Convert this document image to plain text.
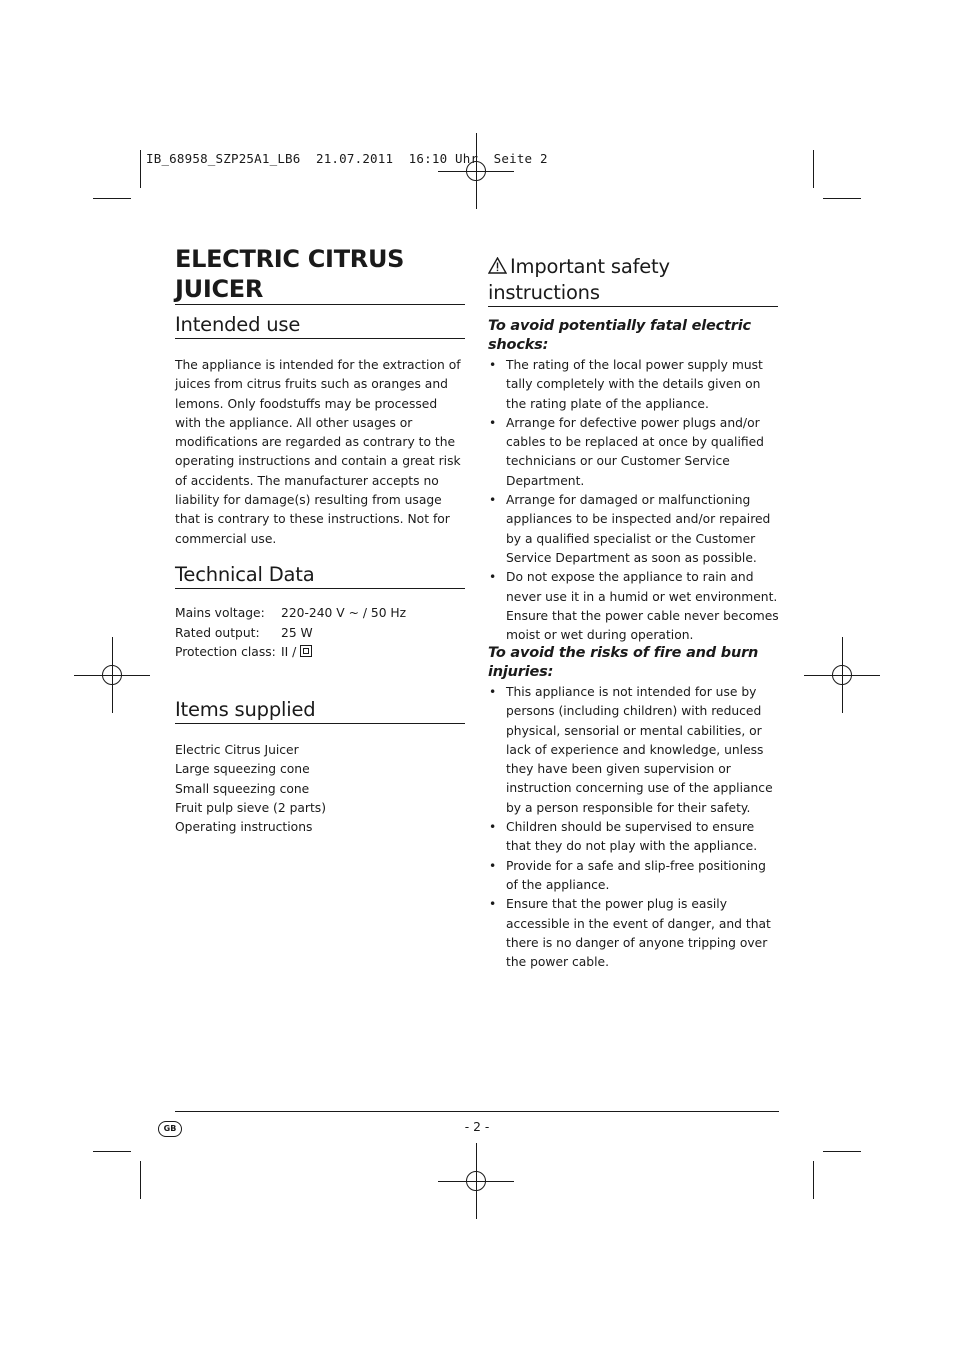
IB_68958_SZP25A1_LB6  21.07.2011  16:10 Uhr  Seite 2
ELECTRIC CITRUS JUICER
Intended use

The appliance is intended for the extraction of juices from citrus fruits such as oranges and lemons. Only foodstuffs may be processed with the appliance. All other usages or modifications are regarded as contrary to the operating instructions and contain a great risk of accidents. The manufacturer accepts no liability for damage(s) resulting from usage that is contrary to these instructions. Not for commercial use.

Technical Data
Mains voltage:	220-240 V ~ / 50 Hz
Rated output:	25 W
Protection class:	II /
Items supplied
Electric Citrus Juicer
Large squeezing cone
Small squeezing cone
Fruit pulp sieve (2 parts)
Operating instructions
Important safety instructions
To avoid potentially fatal electric shocks:
• The rating of the local power supply must tally completely with the details given on the rating plate of the appliance.
• Arrange for defective power plugs and/or cables to be replaced at once by qualified technicians or our Customer Service Department.
• Arrange for damaged or malfunctioning appliances to be inspected and/or repaired by a qualified specialist or the Customer Service Department as soon as possible.
• Do not expose the appliance to rain and never use it in a humid or wet environment. Ensure that the power cable never becomes moist or wet during operation.
To avoid the risks of fire and burn injuries:
• This appliance is not intended for use by persons (including children) with reduced physical, sensorial or mental cabilities, or lack of experience and knowledge, unless they have been given supervision or instruction concerning use of the appliance by a person responsible for their safety.
• Children should be supervised to ensure that they do not play with the appliance.
• Provide for a safe and slip-free positioning of the appliance.
• Ensure that the power plug is easily accessible in the event of danger, and that there is no danger of anyone tripping over the power cable.
GB	- 2 -
